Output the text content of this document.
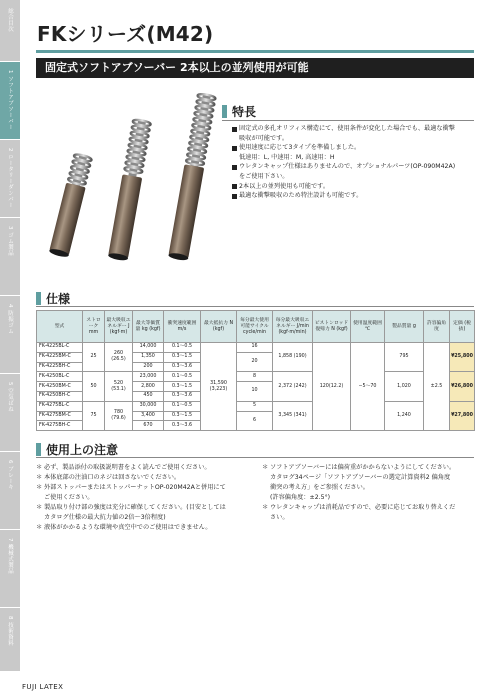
総合目次
1 ソフトアブソーバー
2 ロータリーダンパー
3 ゴム製品
4 防振ゴム
5 空気ばね
6 ブレーキ
7 機械式製品
8 技術資料
FKシリーズ(M42)
固定式ソフトアブソーバー 2本以上の並列使用が可能
特長
固定式の多孔オリフィス構造にて、使用条件が変化した場合でも、最適な衝撃
吸収が可能です。
使用速度に応じて3タイプを準備しました。
低速用：L, 中速用：M, 高速用：H
ウレタンキャップ仕様はありませんので、オプショナルパーツ(OP-090M42A)
をご使用下さい。
2本以上の並列使用も可能です。
最適な衝撃吸収のため特注設計も可能です。
仕様
型式	ストローク mm	最大吸収エネルギー J (kgf·m)	最大等価質量 kg (kgf)	衝突速度範囲 m/s	最大抵抗力 N (kgf)	毎分最大使用可能サイクル cycle/min	毎分最大吸収エネルギー J/min (kgf·m/min)	ピストンロッド復帰力 N (kgf)	使用温度範囲 ℃	製品質量 g	許容偏角度	定価 (税抜)
FK-4225BL-C	25	260 (26.5)	14,000	0.1〜0.5	31,590 (3,223)	16	1,858 (190)	120(12.2)	−5〜70	795	±2.5	¥25,800
FK-4225BM-C			1,350	0.3〜1.5		20						
FK-4225BH-C			200	0.3〜3.6								
FK-4250BL-C	50	520 (53.1)	23,000	0.1〜0.5		8	2,372 (242)			1,020		¥26,800
FK-4250BM-C			2,800	0.3〜1.5		10						
FK-4250BH-C			450	0.3〜3.6								
FK-4275BL-C	75	780 (79.6)	30,000	0.1〜0.5		5	3,345 (341)			1,240		¥27,800
FK-4275BM-C			3,400	0.3〜1.5		6						
FK-4275BH-C			670	0.3〜3.6								
使用上の注意
＊ 必ず、製品添付の取扱説明書をよく読んでご使用ください。
＊ 本体底部の注油口のネジは回さないでください。
＊ 外部ストッパーまたはストッパーナットOP-020M42Aと併用にて
ご使用ください。
＊ 製品取り付け部の強度は充分に確保してください。(目安としては
カタログ仕様の最大抗力値の2倍〜3倍程度)
＊ 液体がかかるような環境や真空中でのご使用はできません。
＊ ソフトアブソーバーには偏荷重がかからないようにしてください。
カタログ34ページ「ソフトアブソーバーの選定計算資料2 偏角度
衝突の考え方」をご参照ください。
(許容偏角度：±2.5°)
＊ ウレタンキャップは消耗品ですので、必要に応じてお取り替えくだ
さい。
FUJI LATEX
